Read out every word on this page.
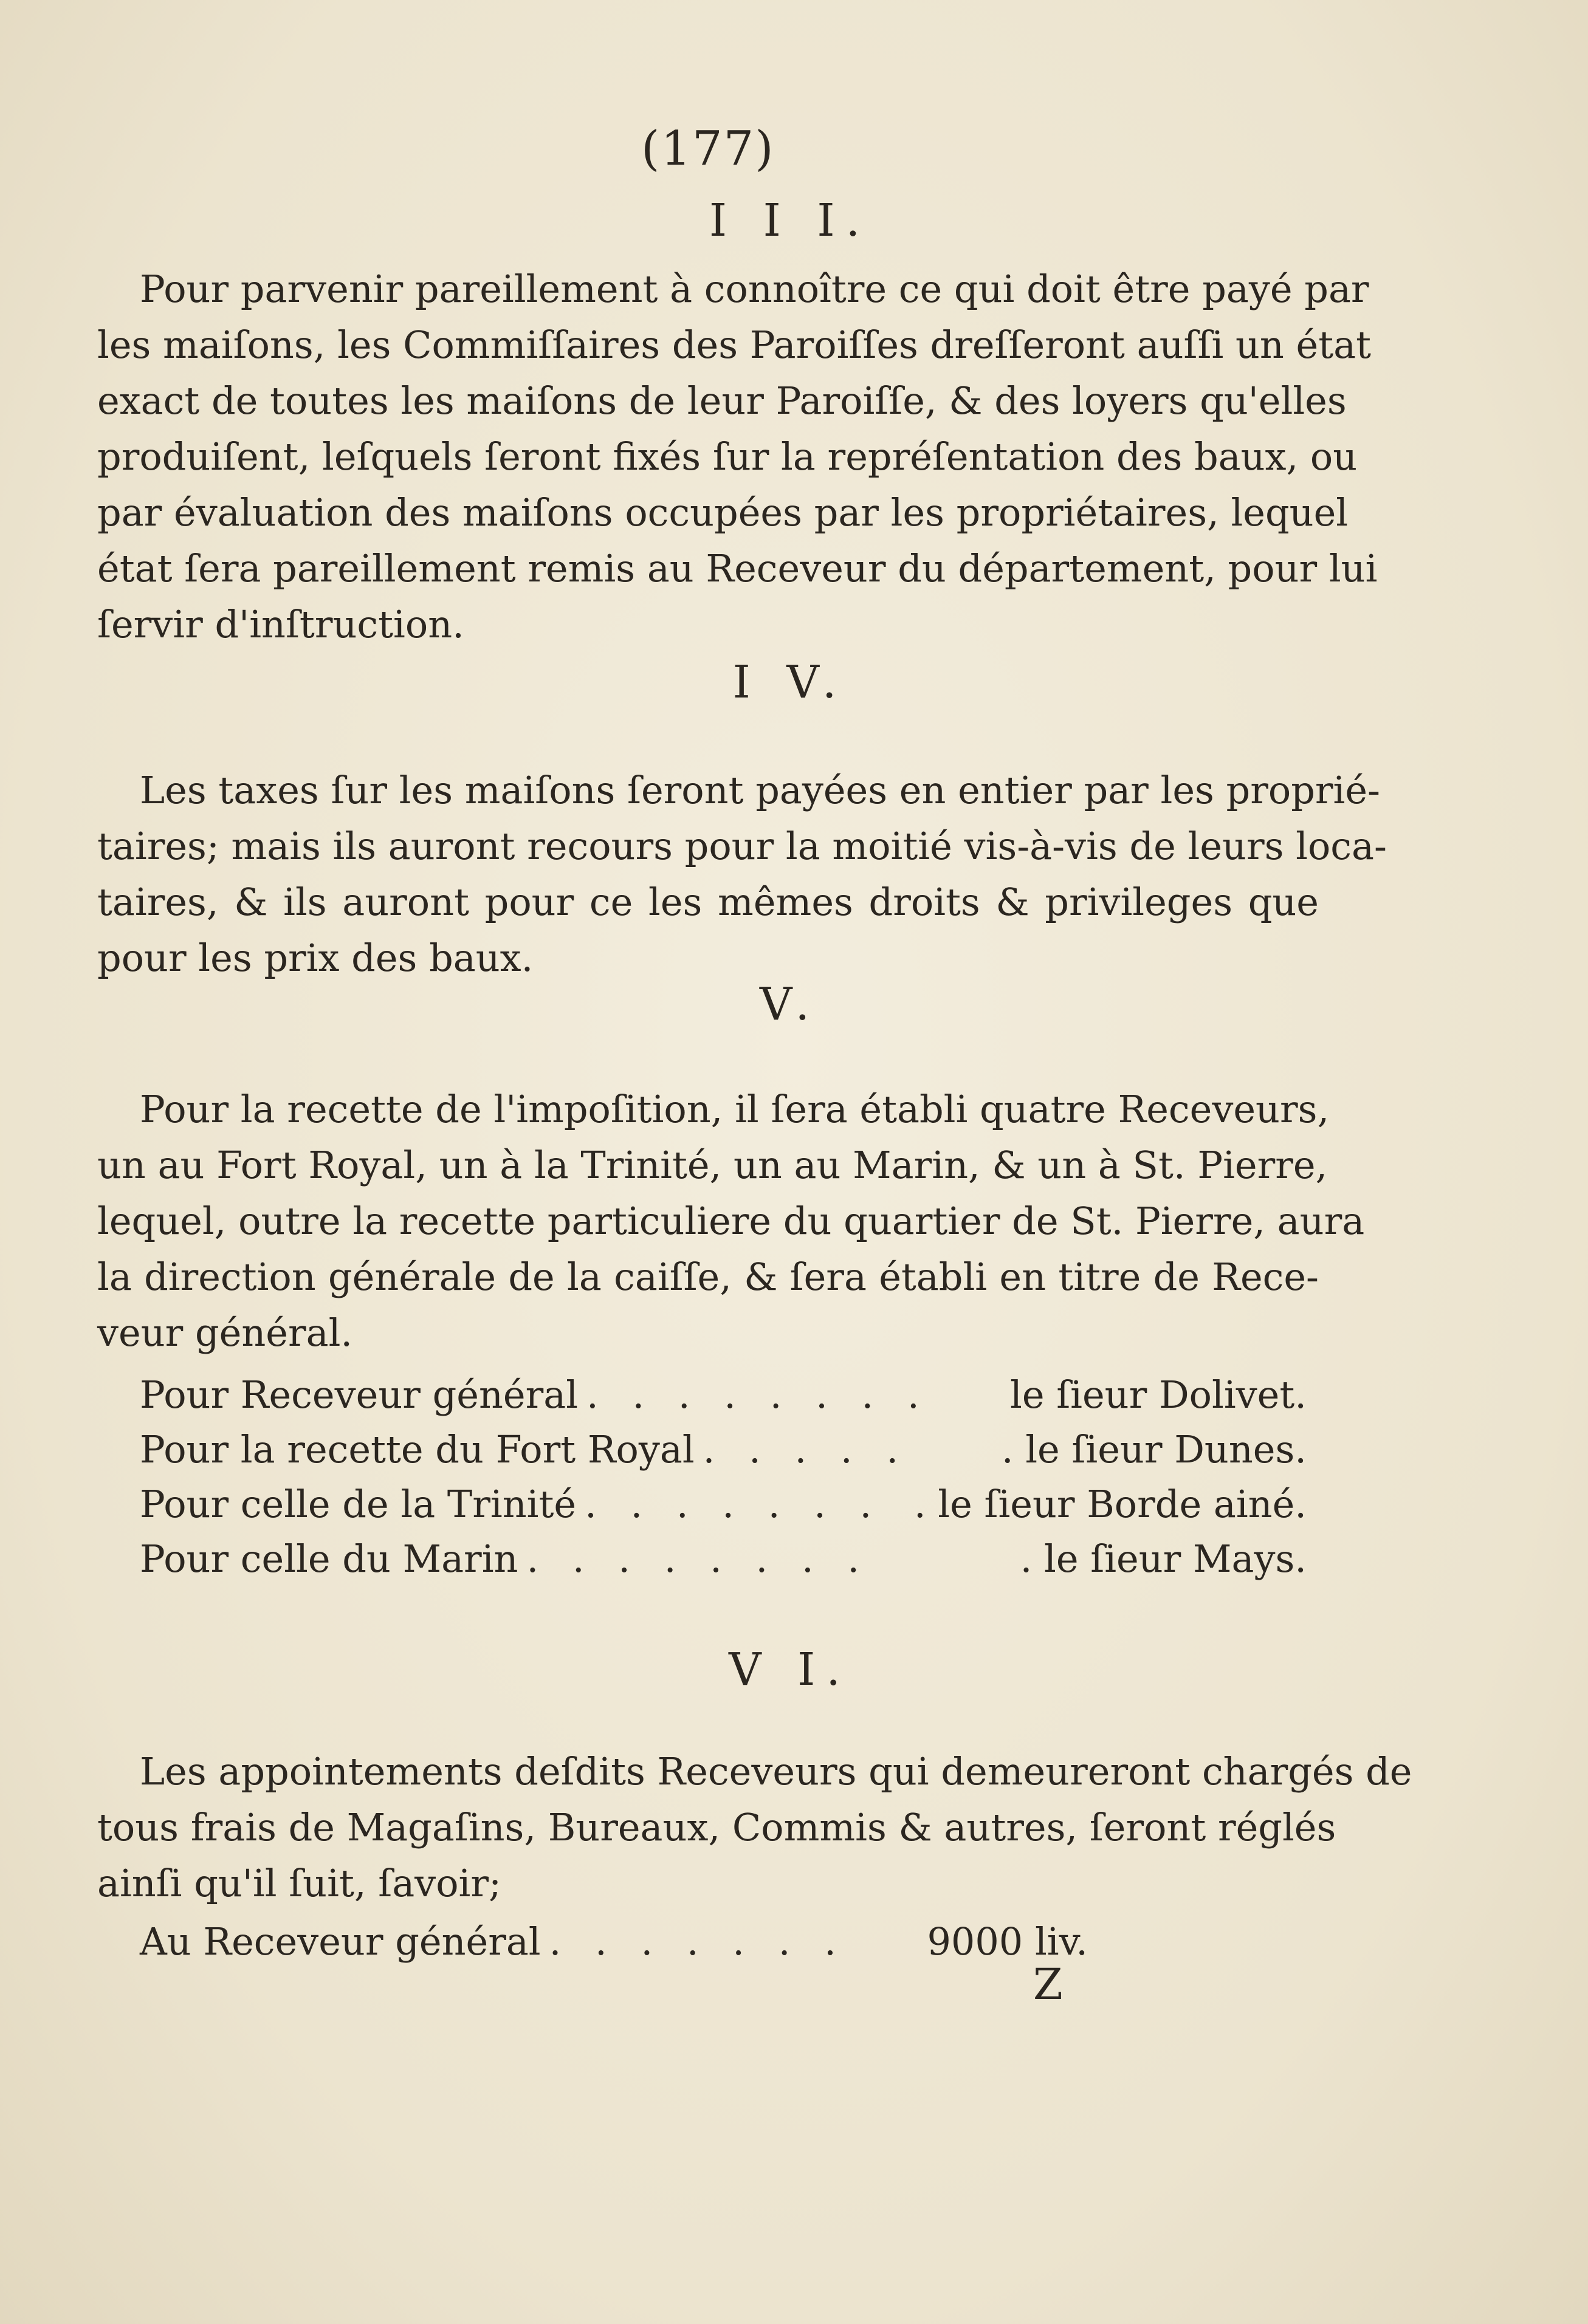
(177)
I I I.
Pour parvenir pareillement à connoître ce qui doit être payé par
les maiſons, les Commiſſaires des Paroiſſes dreſſeront auſſi un état
exact de toutes les maiſons de leur Paroiſſe, & des loyers qu'elles
produiſent, leſquels ſeront fixés ſur la repréſentation des baux, ou
par évaluation des maiſons occupées par les propriétaires, lequel
état ſera pareillement remis au Receveur du département, pour lui
ſervir d'inſtruction.
I V.
Les taxes ſur les maiſons ſeront payées en entier par les proprié-
taires; mais ils auront recours pour la moitié vis-à-vis de leurs loca-
taires, & ils auront pour ce les mêmes droits & privileges que
pour les prix des baux.
V.
Pour la recette de l'impoſition, il ſera établi quatre Receveurs,
un au Fort Royal, un à la Trinité, un au Marin, & un à St. Pierre,
lequel, outre la recette particuliere du quartier de St. Pierre, aura
la direction générale de la caiſſe, & ſera établi en titre de Rece-
veur général.
Pour Receveur général . . . . . . . .	le ſieur Dolivet.
Pour la recette du Fort Royal . . . . .	. le ſieur Dunes.
Pour celle de la Trinité . . . . . . . . le ſieur Borde ainé.
Pour celle du Marin . . . . . . . .	. le ſieur Mays.
V I.
Les appointements deſdits Receveurs qui demeureront chargés de
tous frais de Magaſins, Bureaux, Commis & autres, ſeront réglés
ainſi qu'il ſuit, ſavoir;
Au Receveur général . . . . . . .	9000 liv.
Z
